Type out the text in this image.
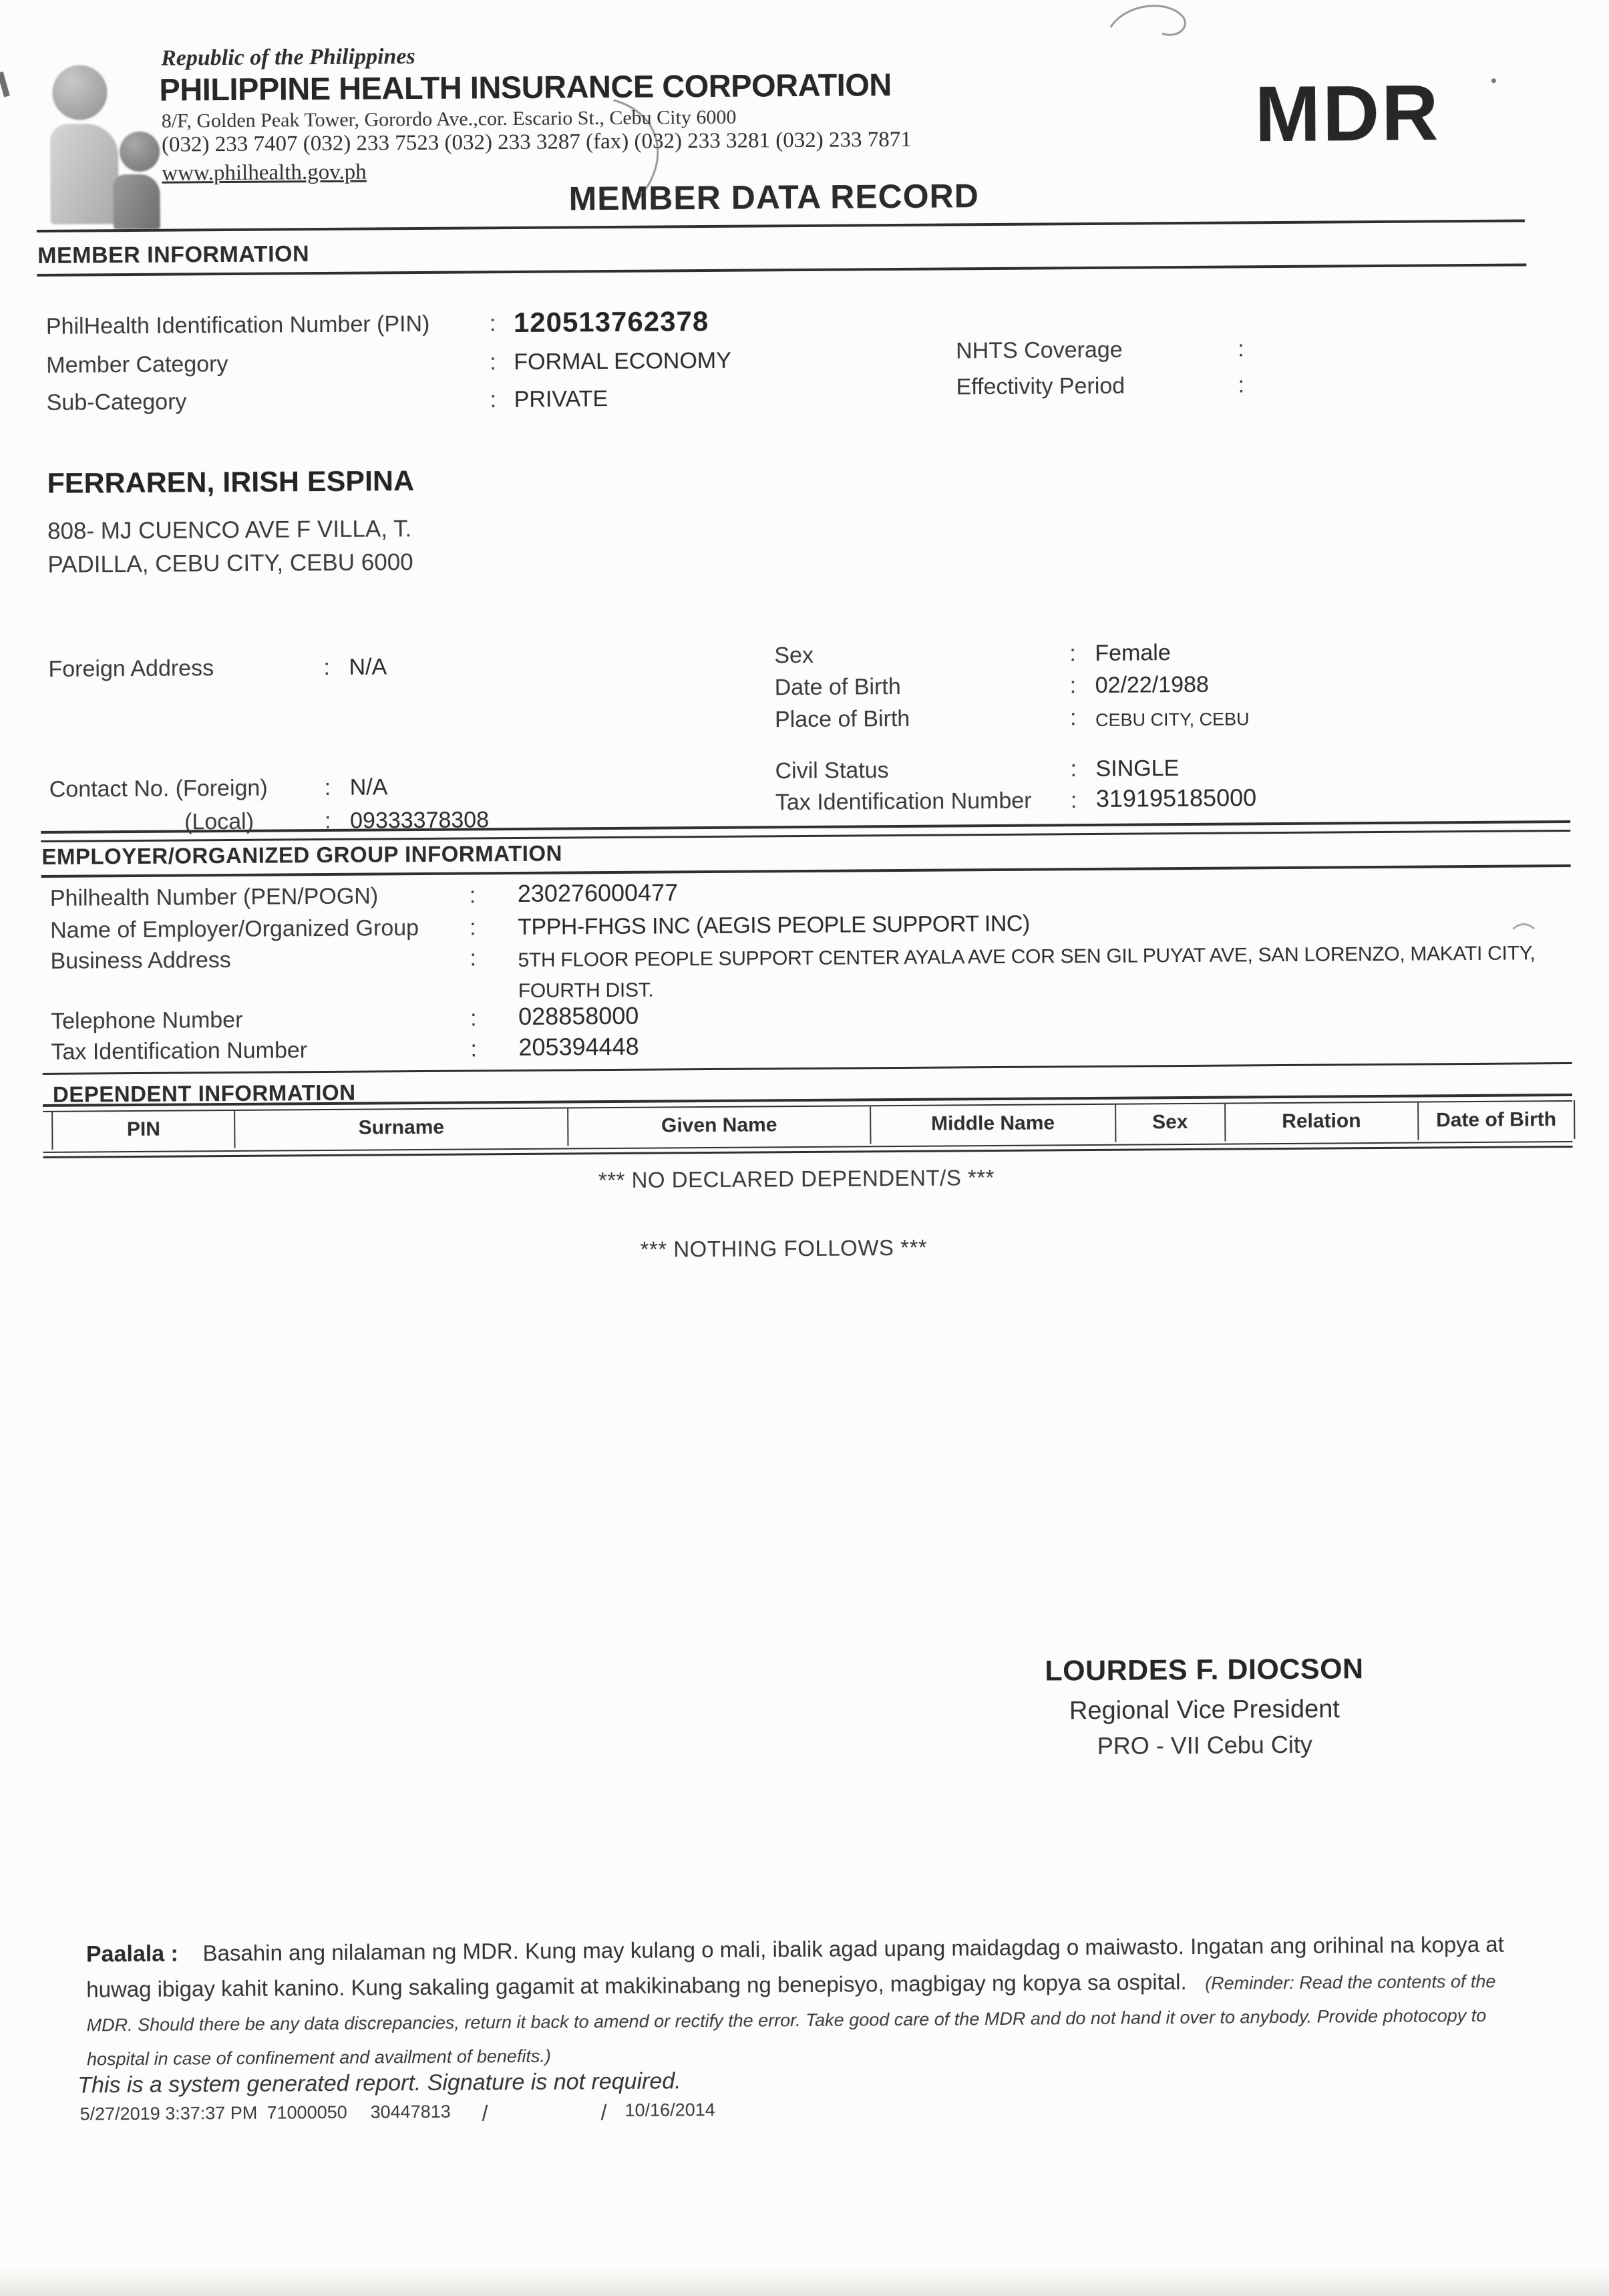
Republic of the Philippines
PHILIPPINE HEALTH INSURANCE CORPORATION
8/F, Golden Peak Tower, Gorordo Ave.,cor. Escario St., Cebu City 6000
(032) 233 7407 (032) 233 7523 (032) 233 3287 (fax) (032) 233 3281 (032) 233 7871
www.philhealth.gov.ph
MDR
MEMBER DATA RECORD
MEMBER INFORMATION
PhilHealth Identification Number (PIN)	: 120513762378
Member Category	: FORMAL ECONOMY
Sub-Category	: PRIVATE
NHTS Coverage	:
Effectivity Period	:
FERRAREN, IRISH ESPINA
808- MJ CUENCO AVE F VILLA, T.
PADILLA, CEBU CITY, CEBU 6000
Foreign Address	: N/A	Sex	: Female
Date of Birth	: 02/22/1988
Place of Birth	: CEBU CITY, CEBU
Contact No. (Foreign) : N/A
Civil Status	: SINGLE
(Local)	: 09333378308
Tax Identification Number : 319195185000
EMPLOYER/ORGANIZED GROUP INFORMATION
Philhealth Number (PEN/POGN)	: 230276000477
Name of Employer/Organized Group : TPPH-FHGS INC (AEGIS PEOPLE SUPPORT INC)
Business Address	: 5TH FLOOR PEOPLE SUPPORT CENTER AYALA AVE COR SEN GIL PUYAT AVE, SAN LORENZO, MAKATI CITY, FOURTH DIST.
Telephone Number	: 028858000
Tax Identification Number	: 205394448
DEPENDENT INFORMATION
PIN	Surname	Given Name	Middle Name	Sex	Relation	Date of Birth
*** NO DECLARED DEPENDENT/S ***
*** NOTHING FOLLOWS ***
LOURDES F. DIOCSON
Regional Vice President
PRO - VII Cebu City
Paalala : Basahin ang nilalaman ng MDR. Kung may kulang o mali, ibalik agad upang maidagdag o maiwasto. Ingatan ang orihinal na kopya at huwag ibigay kahit kanino. Kung sakaling gagamit at makikinabang ng benepisyo, magbigay ng kopya sa ospital. (Reminder: Read the contents of the MDR. Should there be any data discrepancies, return it back to amend or rectify the error. Take good care of the MDR and do not hand it over to anybody. Provide photocopy to hospital in case of confinement and availment of benefits.)
This is a system generated report. Signature is not required.
5/27/2019 3:37:37 PM 71000050 30447813 /	/ 10/16/2014
